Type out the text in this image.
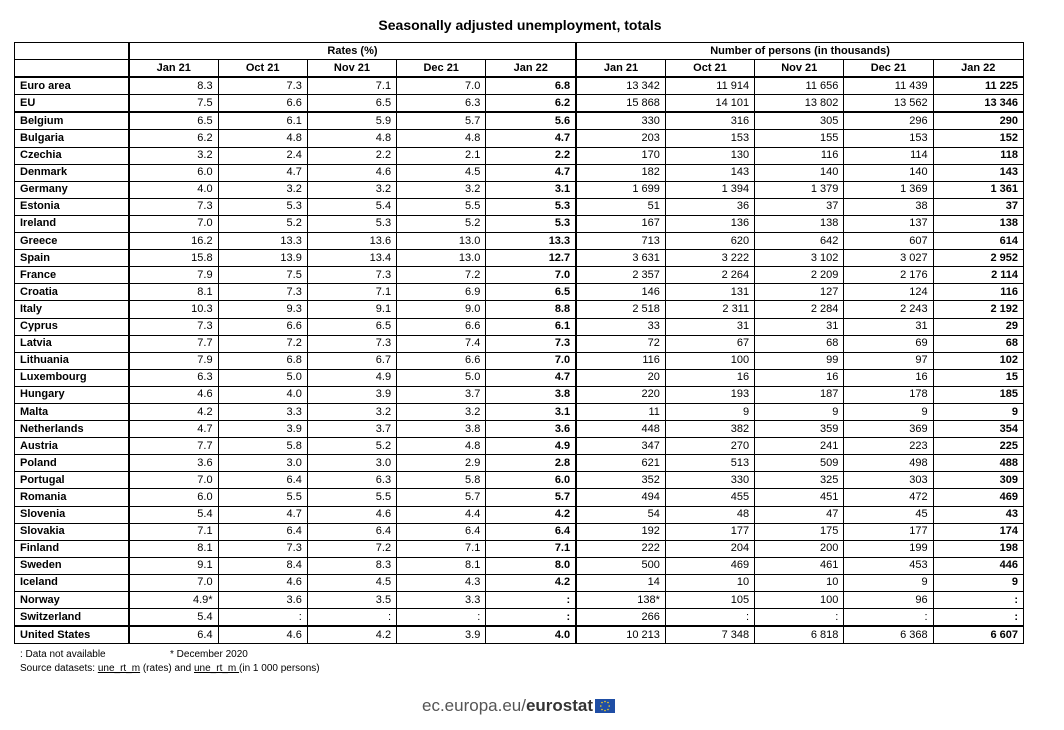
Seasonally adjusted unemployment, totals
	Rates (%)					Number of persons (in thousands)				
	Jan 21	Oct 21	Nov 21	Dec 21	Jan 22	Jan 21	Oct 21	Nov 21	Dec 21	Jan 22
Euro area	8.3	7.3	7.1	7.0	6.8	13 342	11 914	11 656	11 439	11 225
EU	7.5	6.6	6.5	6.3	6.2	15 868	14 101	13 802	13 562	13 346
Belgium	6.5	6.1	5.9	5.7	5.6	330	316	305	296	290
Bulgaria	6.2	4.8	4.8	4.8	4.7	203	153	155	153	152
Czechia	3.2	2.4	2.2	2.1	2.2	170	130	116	114	118
Denmark	6.0	4.7	4.6	4.5	4.7	182	143	140	140	143
Germany	4.0	3.2	3.2	3.2	3.1	1 699	1 394	1 379	1 369	1 361
Estonia	7.3	5.3	5.4	5.5	5.3	51	36	37	38	37
Ireland	7.0	5.2	5.3	5.2	5.3	167	136	138	137	138
Greece	16.2	13.3	13.6	13.0	13.3	713	620	642	607	614
Spain	15.8	13.9	13.4	13.0	12.7	3 631	3 222	3 102	3 027	2 952
France	7.9	7.5	7.3	7.2	7.0	2 357	2 264	2 209	2 176	2 114
Croatia	8.1	7.3	7.1	6.9	6.5	146	131	127	124	116
Italy	10.3	9.3	9.1	9.0	8.8	2 518	2 311	2 284	2 243	2 192
Cyprus	7.3	6.6	6.5	6.6	6.1	33	31	31	31	29
Latvia	7.7	7.2	7.3	7.4	7.3	72	67	68	69	68
Lithuania	7.9	6.8	6.7	6.6	7.0	116	100	99	97	102
Luxembourg	6.3	5.0	4.9	5.0	4.7	20	16	16	16	15
Hungary	4.6	4.0	3.9	3.7	3.8	220	193	187	178	185
Malta	4.2	3.3	3.2	3.2	3.1	11	9	9	9	9
Netherlands	4.7	3.9	3.7	3.8	3.6	448	382	359	369	354
Austria	7.7	5.8	5.2	4.8	4.9	347	270	241	223	225
Poland	3.6	3.0	3.0	2.9	2.8	621	513	509	498	488
Portugal	7.0	6.4	6.3	5.8	6.0	352	330	325	303	309
Romania	6.0	5.5	5.5	5.7	5.7	494	455	451	472	469
Slovenia	5.4	4.7	4.6	4.4	4.2	54	48	47	45	43
Slovakia	7.1	6.4	6.4	6.4	6.4	192	177	175	177	174
Finland	8.1	7.3	7.2	7.1	7.1	222	204	200	199	198
Sweden	9.1	8.4	8.3	8.1	8.0	500	469	461	453	446
Iceland	7.0	4.6	4.5	4.3	4.2	14	10	10	9	9
Norway	4.9*	3.6	3.5	3.3	:	138*	105	100	96	:
Switzerland	5.4	:	:	:	:	266	:	:	:	:
United States	6.4	4.6	4.2	3.9	4.0	10 213	7 348	6 818	6 368	6 607
: Data not available	* December 2020
Source datasets: une_rt_m (rates) and une_rt_m (in 1 000 persons)
ec.europa.eu/ eurostat
